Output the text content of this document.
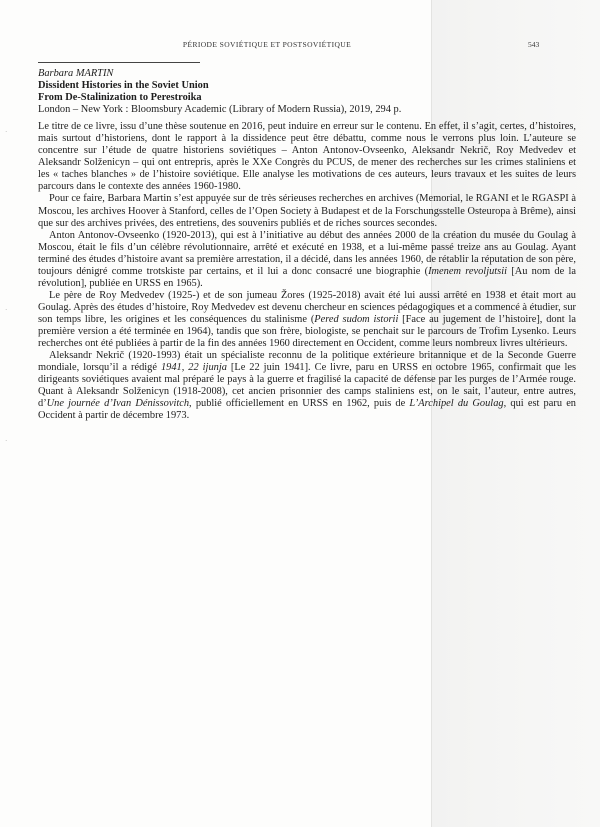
·
·
·
PÉRIODE SOVIÉTIQUE ET POSTSOVIÉTIQUE	543

Barbara MARTIN

Dissident Histories in the Soviet Union

From De-Stalinization to Perestroika

London – New York : Bloomsbury Academic (Library of Modern Russia), 2019, 294 p.

Le titre de ce livre, issu d’une thèse soutenue en 2016, peut induire en erreur sur le contenu. En effet, il s’agit, certes, d’histoires, mais surtout d’historiens, dont le rapport à la dissidence peut être débattu, comme nous le verrons plus loin. L’auteure se concentre sur l’étude de quatre historiens soviétiques – Anton Antonov-Ovseenko, Aleksandr Nekrič, Roy Medvedev et Aleksandr Solženicyn – qui ont entrepris, après le XXe Congrès du PCUS, de mener des recherches sur les crimes staliniens et les « taches blanches » de l’histoire soviétique. Elle analyse les motivations de ces auteurs, leurs travaux et les suites de leurs parcours dans le contexte des années 1960-1980.

Pour ce faire, Barbara Martin s’est appuyée sur de très sérieuses recherches en archives (Memorial, le RGANI et le RGASPI à Moscou, les archives Hoover à Stanford, celles de l’Open Society à Budapest et de la Forschungsstelle Osteuropa à Brême), ainsi que sur des archives privées, des entretiens, des souvenirs publiés et de riches sources secondes.

Anton Antonov-Ovseenko (1920-2013), qui est à l’initiative au début des années 2000 de la création du musée du Goulag à Moscou, était le fils d’un célèbre révolutionnaire, arrêté et exécuté en 1938, et a lui-même passé treize ans au Goulag. Ayant terminé des études d’histoire avant sa première arrestation, il a décidé, dans les années 1960, de rétablir la réputation de son père, toujours dénigré comme trotskiste par certains, et il lui a donc consacré une biographie (Imenem revoljutsii [Au nom de la révolution], publiée en URSS en 1965).

Le père de Roy Medvedev (1925-) et de son jumeau Žores (1925-2018) avait été lui aussi arrêté en 1938 et était mort au Goulag. Après des études d’histoire, Roy Medvedev est devenu chercheur en sciences pédagogiques et a commencé à étudier, sur son temps libre, les origines et les conséquences du stalinisme (Pered sudom istorii [Face au jugement de l’histoire], dont la première version a été terminée en 1964), tandis que son frère, biologiste, se penchait sur le parcours de Trofim Lysenko. Leurs recherches ont été publiées à partir de la fin des années 1960 directement en Occident, comme leurs nombreux livres ultérieurs.

Aleksandr Nekrič (1920-1993) était un spécialiste reconnu de la politique extérieure britannique et de la Seconde Guerre mondiale, lorsqu’il a rédigé 1941, 22 ijunja [Le 22 juin 1941]. Ce livre, paru en URSS en octobre 1965, confirmait que les dirigeants soviétiques avaient mal préparé le pays à la guerre et fragilisé la capacité de défense par les purges de l’Armée rouge. Quant à Aleksandr Solženicyn (1918-2008), cet ancien prisonnier des camps staliniens est, on le sait, l’auteur, entre autres, d’Une journée d’Ivan Dénissovitch, publié officiellement en URSS en 1962, puis de L’Archipel du Goulag, qui est paru en Occident à partir de décembre 1973.
